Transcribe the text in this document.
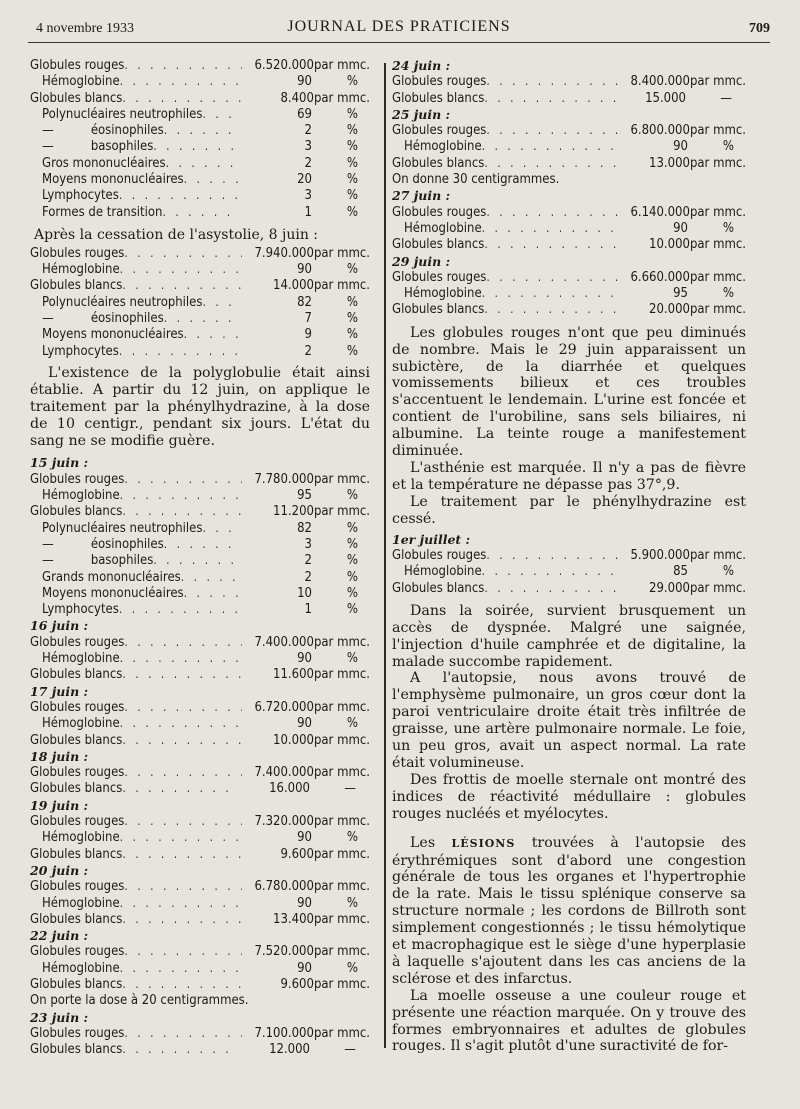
4 novembre 1933	JOURNAL DES PRATICIENS	709
Globules rouges . . .	6.520.000 par mmc.
Hémoglobine . . .	90	%
Globules blancs . . .	8.400 par mmc.
Polynucléaires neutrophiles . . .	69	%
—          éosinophiles . . .	2	%
—          basophiles . . .	3	%
Gros mononucléaires . . .	2	%
Moyens mononucléaires . . .	20	%
Lymphocytes . . .	3	%
Formes de transition . . .	1	%

Après la cessation de l'asystolie, 8 juin :

Globules rouges . . .	7.940.000 par mmc.
Hémoglobine . . .	90	%
Globules blancs . . .	14.000 par mmc.
Polynucléaires neutrophiles . . .	82	%
—          éosinophiles . . .	7	%
Moyens mononucléaires . . .	9	%
Lymphocytes . . .	2	%

L'existence de la polyglobulie était ainsi établie. A partir du 12 juin, on applique le traitement par la phénylhydrazine, à la dose de 10 centigr., pendant six jours. L'état du sang ne se modifie guère.

15 juin :
Globules rouges . . .	7.780.000 par mmc.
Hémoglobine . . .	95	%
Globules blancs . . .	11.200 par mmc.
Polynucléaires neutrophiles . . .	82	%
—          éosinophiles . . .	3	%
—          basophiles . . .	2	%
Grands mononucléaires . . .	2	%
Moyens mononucléaires . . .	10	%
Lymphocytes . . .	1	%
16 juin :
Globules rouges . . .	7.400.000 par mmc.
Hémoglobine . . .	90	%
Globules blancs . . .	11.600 par mmc.
17 juin :
Globules rouges . . .	6.720.000 par mmc.
Hémoglobine . . .	90	%
Globules blancs . . .	10.000 par mmc.
18 juin :
Globules rouges . . .	7.400.000 par mmc.
Globules blancs . . .	16.000	—
19 juin :
Globules rouges . . .	7.320.000 par mmc.
Hémoglobine . . .	90	%
Globules blancs . . .	9.600 par mmc.
20 juin :
Globules rouges . . .	6.780.000 par mmc.
Hémoglobine . . .	90	%
Globules blancs . . .	13.400 par mmc.
22 juin :
Globules rouges . . .	7.520.000 par mmc.
Hémoglobine . . .	90	%
Globules blancs . . .	9.600 par mmc.
On porte la dose à 20 centigrammes.
23 juin :
Globules rouges . . .	7.100.000 par mmc.
Globules blancs . . .	12.000	—
24 juin :
Globules rouges . . .	8.400.000 par mmc.
Globules blancs . . .	15.000	—
25 juin :
Globules rouges . . .	6.800.000 par mmc.
Hémoglobine . . .	90	%
Globules blancs . . .	13.000 par mmc.
On donne 30 centigrammes.
27 juin :
Globules rouges . . .	6.140.000 par mmc.
Hémoglobine . . .	90	%
Globules blancs . . .	10.000 par mmc.
29 juin :
Globules rouges . . .	6.660.000 par mmc.
Hémoglobine . . .	95	%
Globules blancs . . .	20.000 par mmc.

Les globules rouges n'ont que peu diminués de nombre. Mais le 29 juin apparaissent un subictère, de la diarrhée et quelques vomissements bilieux et ces troubles s'accentuent le lendemain. L'urine est foncée et contient de l'urobiline, sans sels biliaires, ni albumine. La teinte rouge a manifestement diminuée.

L'asthénie est marquée. Il n'y a pas de fièvre et la température ne dépasse pas 37°,9.

Le traitement par le phénylhydrazine est cessé.

1er juillet :
Globules rouges . . .	5.900.000 par mmc.
Hémoglobine . . .	85	%
Globules blancs . . .	29.000 par mmc.

Dans la soirée, survient brusquement un accès de dyspnée. Malgré une saignée, l'injection d'huile camphrée et de digitaline, la malade succombe rapidement.

A l'autopsie, nous avons trouvé de l'emphysème pulmonaire, un gros cœur dont la paroi ventriculaire droite était très infiltrée de graisse, une artère pulmonaire normale. Le foie, un peu gros, avait un aspect normal. La rate était volumineuse.

Des frottis de moelle sternale ont montré des indices de réactivité médullaire : globules rouges nucléés et myélocytes.

Les LÉSIONS trouvées à l'autopsie des érythrémiques sont d'abord une congestion générale de tous les organes et l'hypertrophie de la rate. Mais le tissu splénique conserve sa structure normale ; les cordons de Billroth sont simplement congestionnés ; le tissu hémolytique et macrophagique est le siège d'une hyperplasie à laquelle s'ajoutent dans les cas anciens de la sclérose et des infarctus.

La moelle osseuse a une couleur rouge et présente une réaction marquée. On y trouve des formes embryonnaires et adultes de globules rouges. Il s'agit plutôt d'une suractivité de for-
